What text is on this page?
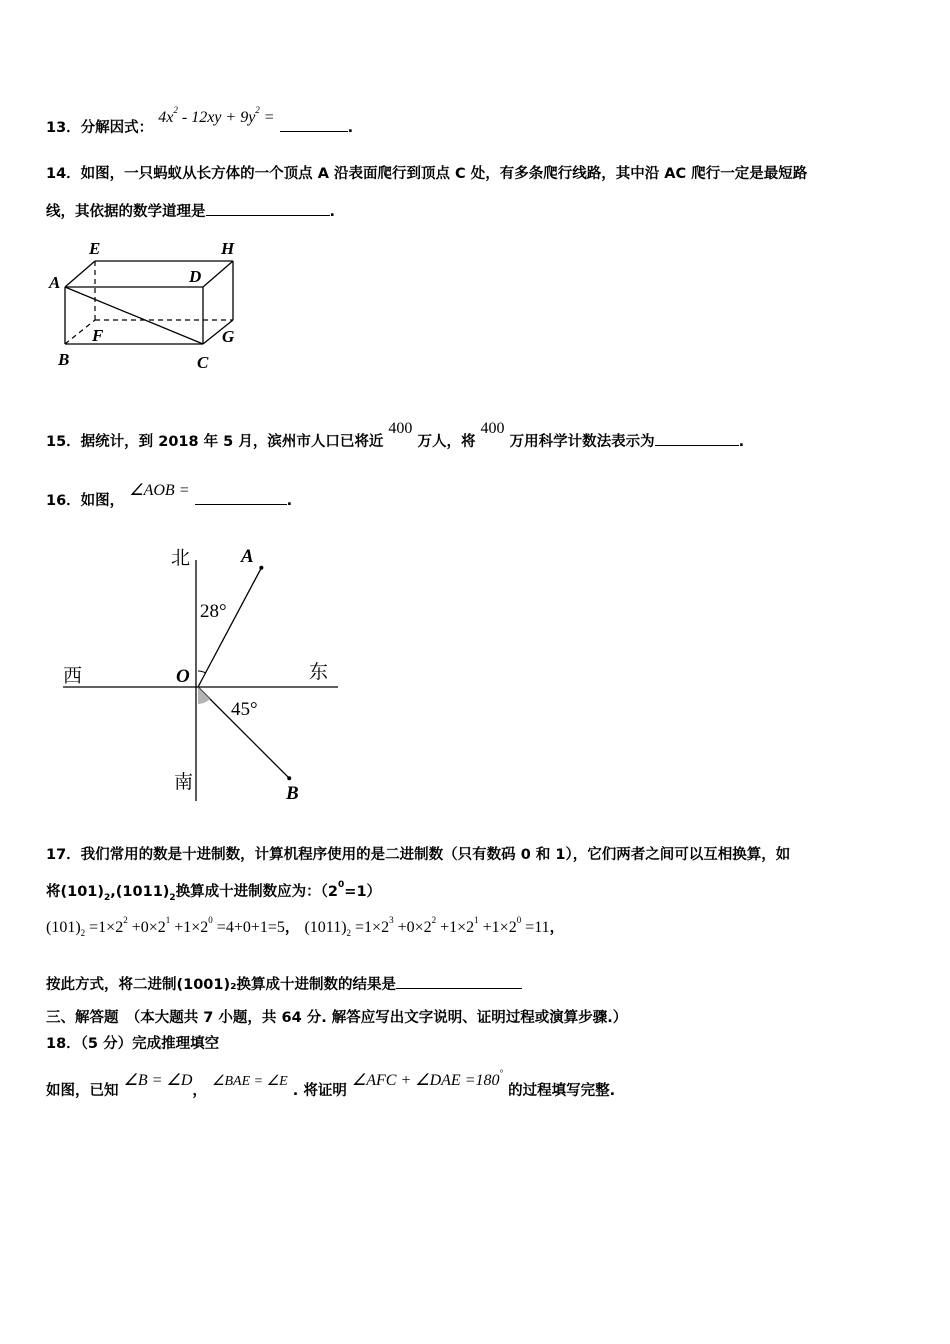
13．分解因式： $4x^2 - 12xy + 9y^2$ = .
14．如图，一只蚂蚁从长方体的一个顶点 A 沿表面爬行到顶点 C 处，有多条爬行线路，其中沿 AC 爬行一定是最短路
线，其依据的数学道理是	.
E	H
A	D
F	G
B	C
15．据统计，到 2018 年 5 月，滨州市人口已将近 400 万人，将 400 万用科学计数法表示为	.
16．如图， ∠AOB = .
北
南
西	东
A
B
O
28°
45°
17．我们常用的数是十进制数，计算机程序使用的是二进制数（只有数码 0 和 1），它们两者之间可以互相换算，如
将$(101)_2,(1011)_2$换算成十进制数应为：$(2^0=1)$
$(101)_2 =1\times 2^2 +0\times 2^1 +1\times 2^0 =4+0+1=5$， $(1011)_2 =1\times 2^3 +0\times 2^2 +1\times 2^1 +1\times 2^0 =11$，
按此方式，将二进制(1001)₂换算成十进制数的结果是
三、解答题　（本大题共 7 小题，共 64 分. 解答应写出文字说明、证明过程或演算步骤.）
18．（5 分）完成推理填空
如图，已知 ∠B = ∠D， ∠BAE = ∠E . 将证明 ∠AFC + ∠DAE =180° 的过程填写完整.
